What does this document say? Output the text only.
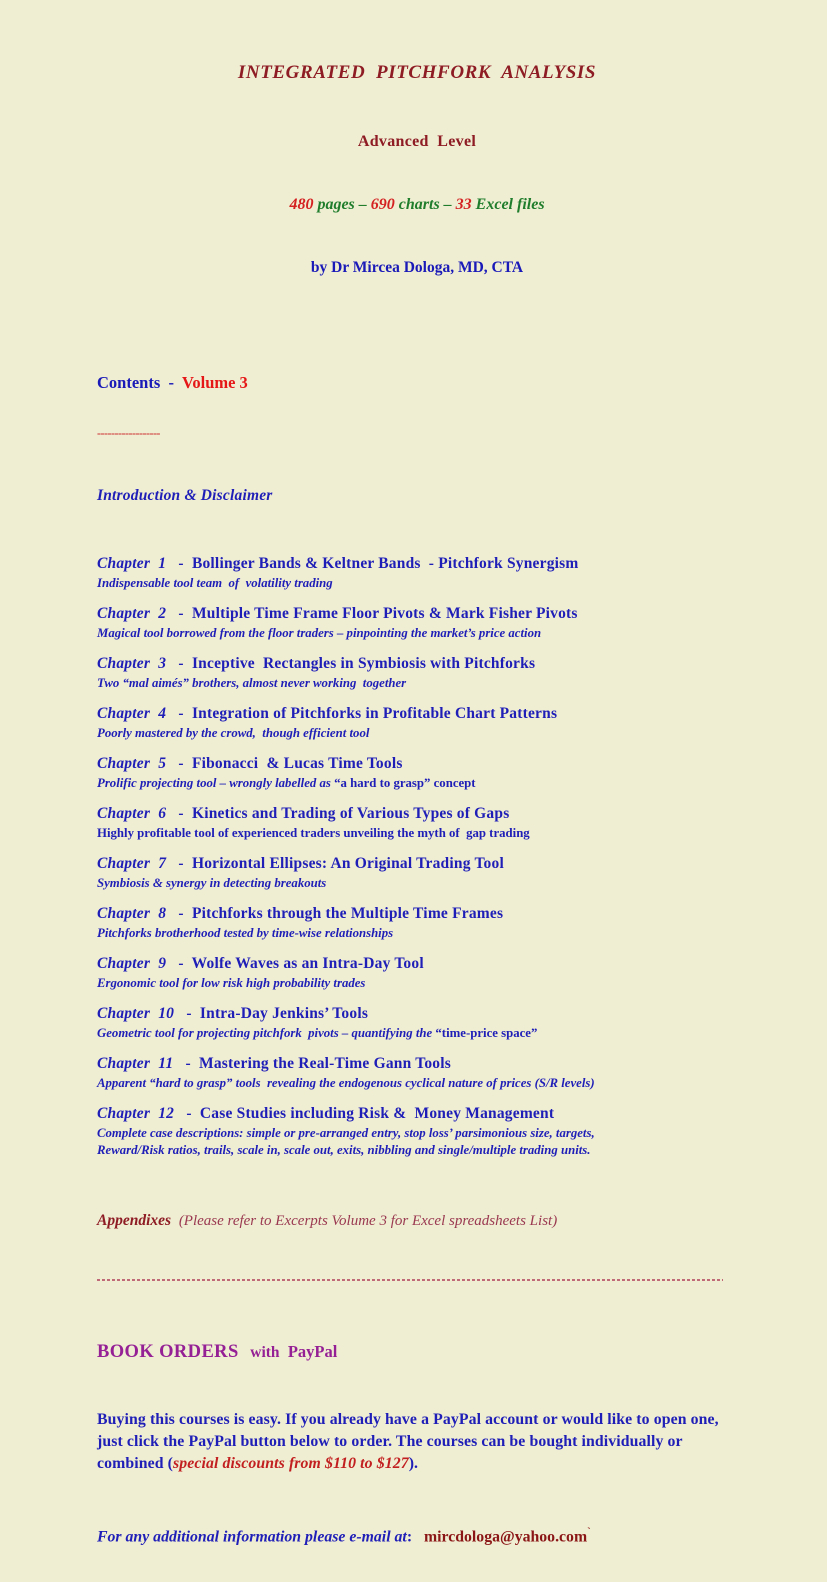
INTEGRATED  PITCHFORK  ANALYSIS

Advanced  Level

480 pages – 690 charts – 33 Excel files

by Dr Mircea Dologa, MD, CTA

Contents  -  Volume 3

------------------

Introduction & Disclaimer

Chapter  1   -  Bollinger Bands & Keltner Bands  - Pitchfork Synergism
Indispensable tool team  of  volatility trading
Chapter  2   -  Multiple Time Frame Floor Pivots & Mark Fisher Pivots
Magical tool borrowed from the floor traders – pinpointing the market’s price action
Chapter  3   -  Inceptive  Rectangles in Symbiosis with Pitchforks
Two “mal aimés” brothers, almost never working  together
Chapter  4   -  Integration of Pitchforks in Profitable Chart Patterns
Poorly mastered by the crowd,  though efficient tool
Chapter  5   -  Fibonacci  & Lucas Time Tools
Prolific projecting tool – wrongly labelled as “a hard to grasp” concept
Chapter  6   -  Kinetics and Trading of Various Types of Gaps
Highly profitable tool of experienced traders unveiling the myth of  gap trading
Chapter  7   -  Horizontal Ellipses: An Original Trading Tool
Symbiosis & synergy in detecting breakouts
Chapter  8   -  Pitchforks through the Multiple Time Frames
Pitchforks brotherhood tested by time-wise relationships
Chapter  9   -  Wolfe Waves as an Intra-Day Tool
Ergonomic tool for low risk high probability trades
Chapter  10   -  Intra-Day Jenkins’ Tools
Geometric tool for projecting pitchfork  pivots – quantifying the “time-price space”
Chapter  11   -  Mastering the Real-Time Gann Tools
Apparent “hard to grasp” tools  revealing the endogenous cyclical nature of prices (S/R levels)
Chapter  12   -  Case Studies including Risk &  Money Management
Complete case descriptions: simple or pre-arranged entry, stop loss’ parsimonious size, targets,
Reward/Risk ratios, trails, scale in, scale out, exits, nibbling and single/multiple trading units.

Appendixes (Please refer to Excerpts Volume 3 for Excel spreadsheets List)

BOOK ORDERS with PayPal

Buying this courses is easy. If you already have a PayPal account or would like to open one, just click the PayPal button below to order. The courses can be bought individually or combined (special discounts from $110 to $127).

For any additional information please e-mail at: mircdologa@yahoo.com`
